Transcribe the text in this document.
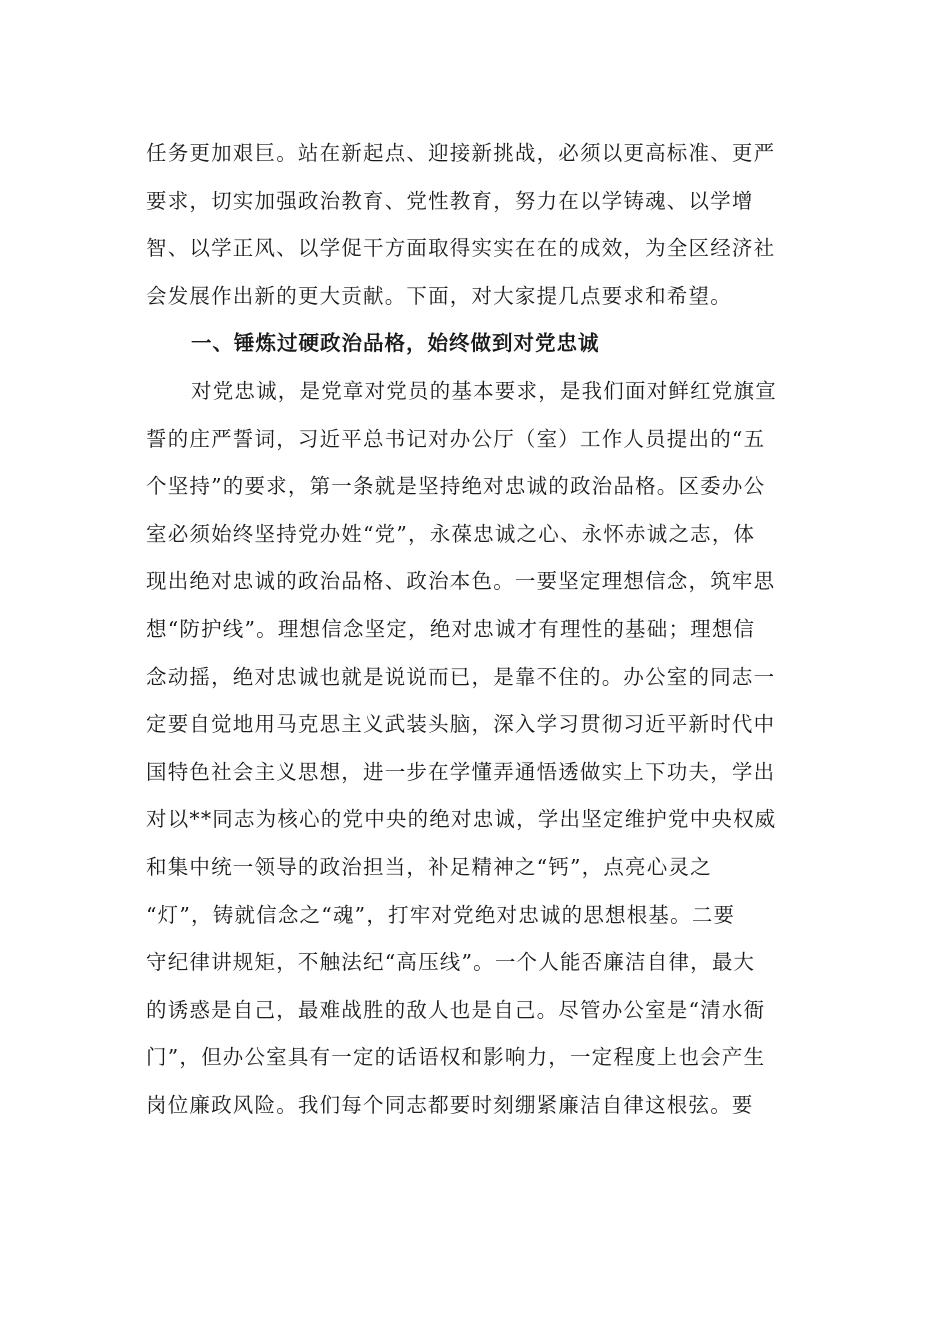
任务更加艰巨。站在新起点、迎接新挑战，必须以更高标准、更严
要求，切实加强政治教育、党性教育，努力在以学铸魂、以学增
智、以学正风、以学促干方面取得实实在在的成效，为全区经济社
会发展作出新的更大贡献。下面，对大家提几点要求和希望。
一、锤炼过硬政治品格，始终做到对党忠诚
对党忠诚，是党章对党员的基本要求，是我们面对鲜红党旗宣
誓的庄严誓词，习近平总书记对办公厅（室）工作人员提出的“五
个坚持”的要求，第一条就是坚持绝对忠诚的政治品格。区委办公
室必须始终坚持党办姓“党”，永葆忠诚之心、永怀赤诚之志，体
现出绝对忠诚的政治品格、政治本色。一要坚定理想信念，筑牢思
想“防护线”。理想信念坚定，绝对忠诚才有理性的基础；理想信
念动摇，绝对忠诚也就是说说而已，是靠不住的。办公室的同志一
定要自觉地用马克思主义武装头脑，深入学习贯彻习近平新时代中
国特色社会主义思想，进一步在学懂弄通悟透做实上下功夫，学出
对以**同志为核心的党中央的绝对忠诚，学出坚定维护党中央权威
和集中统一领导的政治担当，补足精神之“钙”，点亮心灵之
“灯”，铸就信念之“魂”，打牢对党绝对忠诚的思想根基。二要
守纪律讲规矩，不触法纪“高压线”。一个人能否廉洁自律，最大
的诱惑是自己，最难战胜的敌人也是自己。尽管办公室是“清水衙
门”，但办公室具有一定的话语权和影响力，一定程度上也会产生
岗位廉政风险。我们每个同志都要时刻绷紧廉洁自律这根弦。要
